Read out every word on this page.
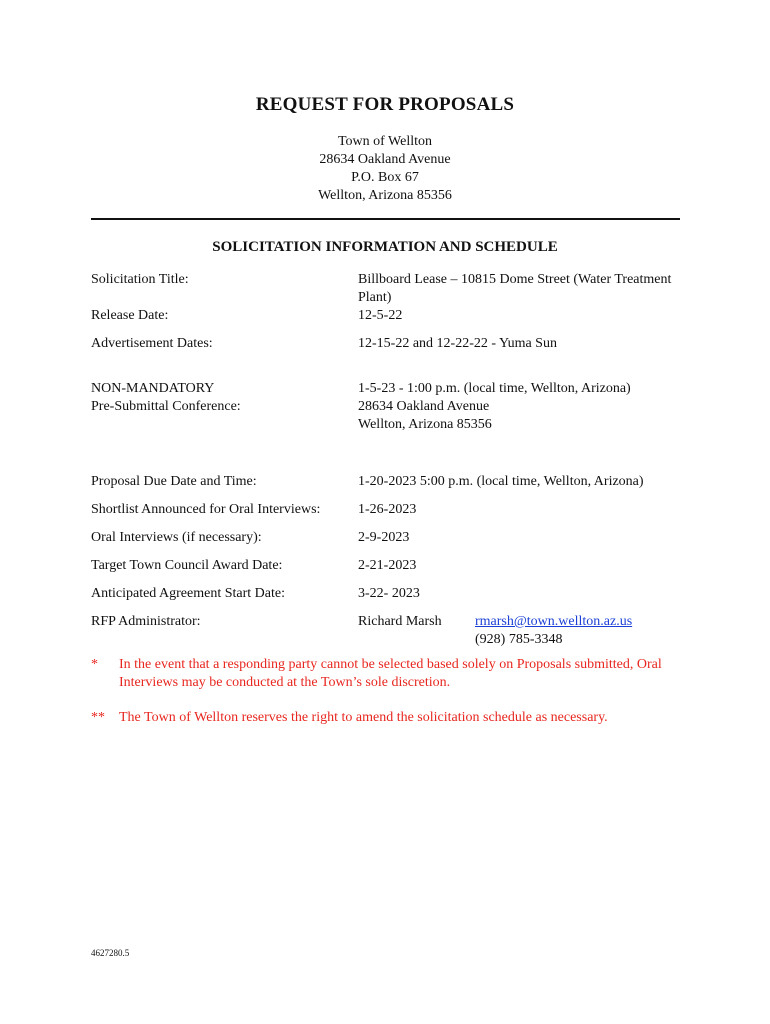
REQUEST FOR PROPOSALS
Town of Wellton
28634 Oakland Avenue
P.O. Box 67
Wellton, Arizona 85356
SOLICITATION INFORMATION AND SCHEDULE
Solicitation Title:	Billboard Lease – 10815 Dome Street (Water Treatment
Plant)
Release Date:	12-5-22
Advertisement Dates:	12-15-22 and 12-22-22 - Yuma Sun
NON-MANDATORY
Pre-Submittal Conference:
1-5-23 - 1:00 p.m. (local time, Wellton, Arizona)
28634 Oakland Avenue
Wellton, Arizona 85356
Proposal Due Date and Time:	1-20-2023 5:00 p.m. (local time, Wellton, Arizona)
Shortlist Announced for Oral Interviews:	1-26-2023
Oral Interviews (if necessary):	2-9-2023
Target Town Council Award Date:	2-21-2023
Anticipated Agreement Start Date:	3-22- 2023
RFP Administrator:	Richard Marsh	rmarsh@town.wellton.az.us
(928) 785-3348
* In the event that a responding party cannot be selected based solely on Proposals submitted, Oral
Interviews may be conducted at the Town’s sole discretion.
** The Town of Wellton reserves the right to amend the solicitation schedule as necessary.
4627280.5
